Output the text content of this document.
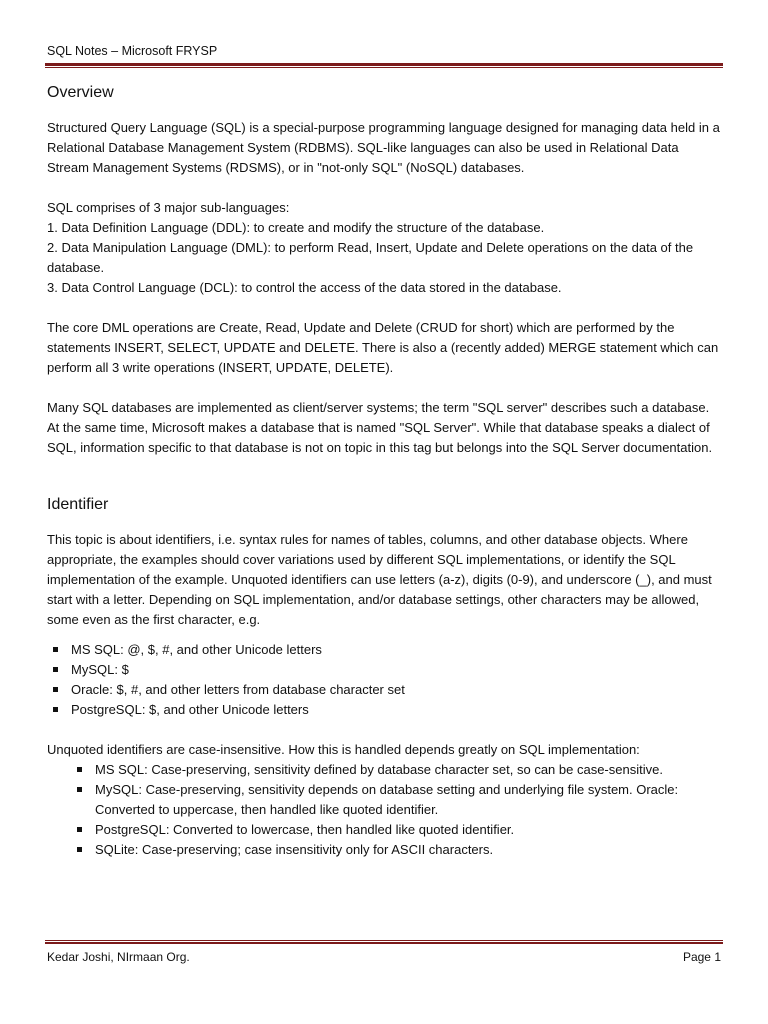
SQL Notes – Microsoft FRYSP
Overview

Structured Query Language (SQL) is a special-purpose programming language designed for managing data held in a Relational Database Management System (RDBMS). SQL-like languages can also be used in Relational Data Stream Management Systems (RDSMS), or in "not-only SQL" (NoSQL) databases.

SQL comprises of 3 major sub-languages:
1. Data Definition Language (DDL): to create and modify the structure of the database.
2. Data Manipulation Language (DML): to perform Read, Insert, Update and Delete operations on the data of the database.
3. Data Control Language (DCL): to control the access of the data stored in the database.

The core DML operations are Create, Read, Update and Delete (CRUD for short) which are performed by the statements INSERT, SELECT, UPDATE and DELETE. There is also a (recently added) MERGE statement which can perform all 3 write operations (INSERT, UPDATE, DELETE).

Many SQL databases are implemented as client/server systems; the term "SQL server" describes such a database. At the same time, Microsoft makes a database that is named "SQL Server". While that database speaks a dialect of SQL, information specific to that database is not on topic in this tag but belongs into the SQL Server documentation.

Identifier

This topic is about identifiers, i.e. syntax rules for names of tables, columns, and other database objects. Where appropriate, the examples should cover variations used by different SQL implementations, or identify the SQL implementation of the example. Unquoted identifiers can use letters (a-z), digits (0-9), and underscore (_), and must start with a letter. Depending on SQL implementation, and/or database settings, other characters may be allowed, some even as the first character, e.g.

MS SQL: @, $, #, and other Unicode letters
MySQL: $
Oracle: $, #, and other letters from database character set
PostgreSQL: $, and other Unicode letters

Unquoted identifiers are case-insensitive. How this is handled depends greatly on SQL implementation:

MS SQL: Case-preserving, sensitivity defined by database character set, so can be case-sensitive.
MySQL: Case-preserving, sensitivity depends on database setting and underlying file system. Oracle: Converted to uppercase, then handled like quoted identifier.
PostgreSQL: Converted to lowercase, then handled like quoted identifier.
SQLite: Case-preserving; case insensitivity only for ASCII characters.
Kedar Joshi, NIrmaan Org.	Page 1
